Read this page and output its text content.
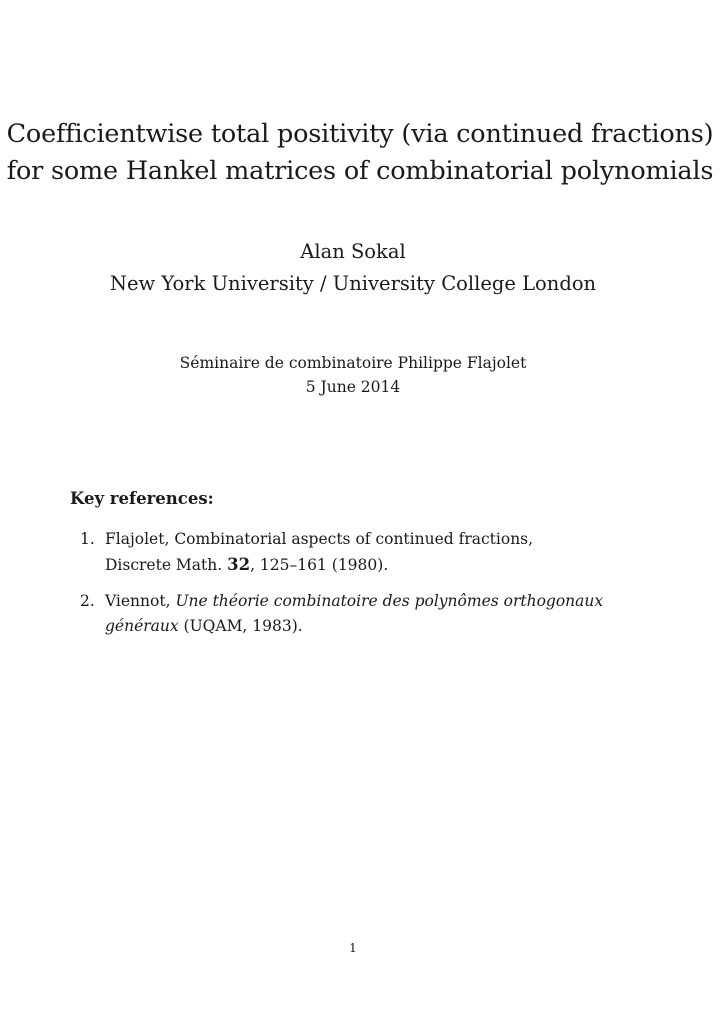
Coefficientwise total positivity (via continued fractions)
for some Hankel matrices of combinatorial polynomials
Alan Sokal
New York University / University College London
Séminaire de combinatoire Philippe Flajolet
5 June 2014
Key references:
1. Flajolet, Combinatorial aspects of continued fractions,
Discrete Math. 32, 125–161 (1980).
2. Viennot, Une théorie combinatoire des polynômes orthogonaux
généraux (UQAM, 1983).
1
